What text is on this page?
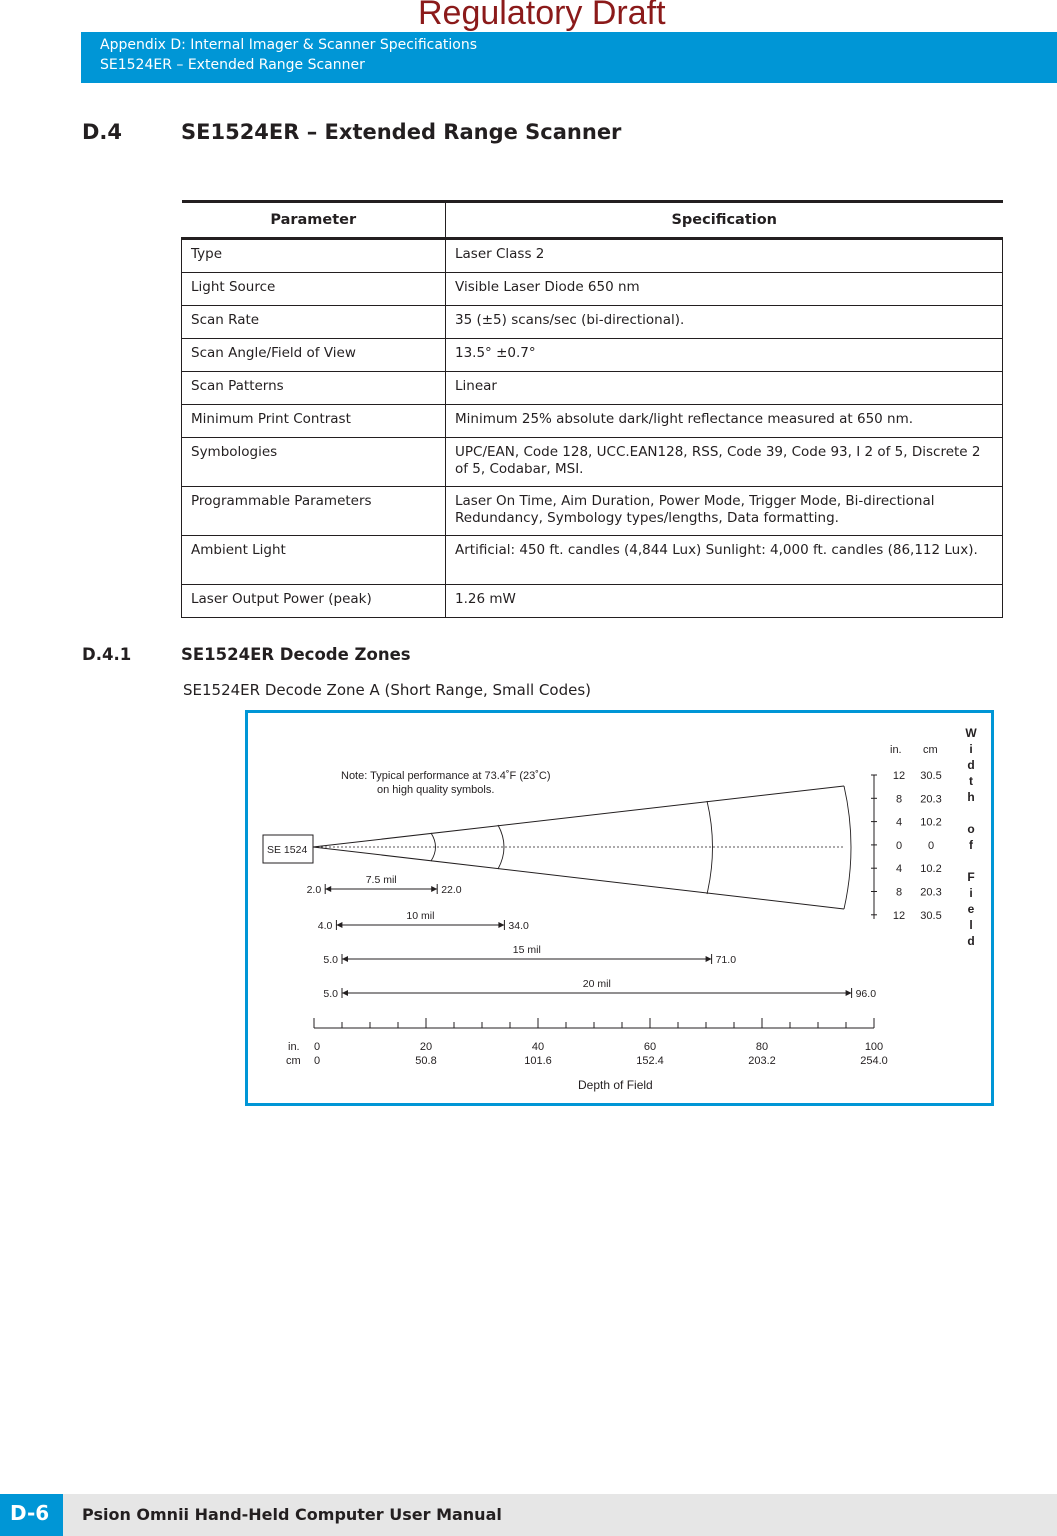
Appendix D: Internal Imager & Scanner Specifications
SE1524ER – Extended Range Scanner
Regulatory Draft
D.4	SE1524ER – Extended Range Scanner
Parameter	Specification
Type	Laser Class 2
Light Source	Visible Laser Diode 650 nm
Scan Rate	35 (±5) scans/sec (bi-directional).
Scan Angle/Field of View	13.5° ±0.7°
Scan Patterns	Linear
Minimum Print Contrast	Minimum 25% absolute dark/light reflectance measured at 650 nm.
Symbologies	UPC/EAN, Code 128, UCC.EAN128, RSS, Code 39, Code 93, I 2 of 5, Discrete 2 of 5, Codabar, MSI.
Programmable Parameters	Laser On Time, Aim Duration, Power Mode, Trigger Mode, Bi-directional Redundancy, Symbology types/lengths, Data formatting.
Ambient Light	Artificial: 450 ft. candles (4,844 Lux) Sunlight: 4,000 ft. candles (86,112 Lux).
Laser Output Power (peak)	1.26 mW
D.4.1	SE1524ER Decode Zones
SE1524ER Decode Zone A (Short Range, Small Codes)
Note: Typical performance at 73.4˚F (23˚C)
on high quality symbols.
SE 1524
in. cm
12 30.5
8 20.3
4 10.2
0 0
4 10.2
8 20.3
12 30.5
W i d t h o f F i e l d
2.0	22.0
7.5 mil
4.0	34.0
10 mil
5.0	71.0
15 mil
5.0	96.0
20 mil
in.
cm
0
0
20
50.8
40
101.6
60
152.4
80
203.2
100
254.0
Depth of Field
D-6 Psion Omnii Hand-Held Computer User Manual
